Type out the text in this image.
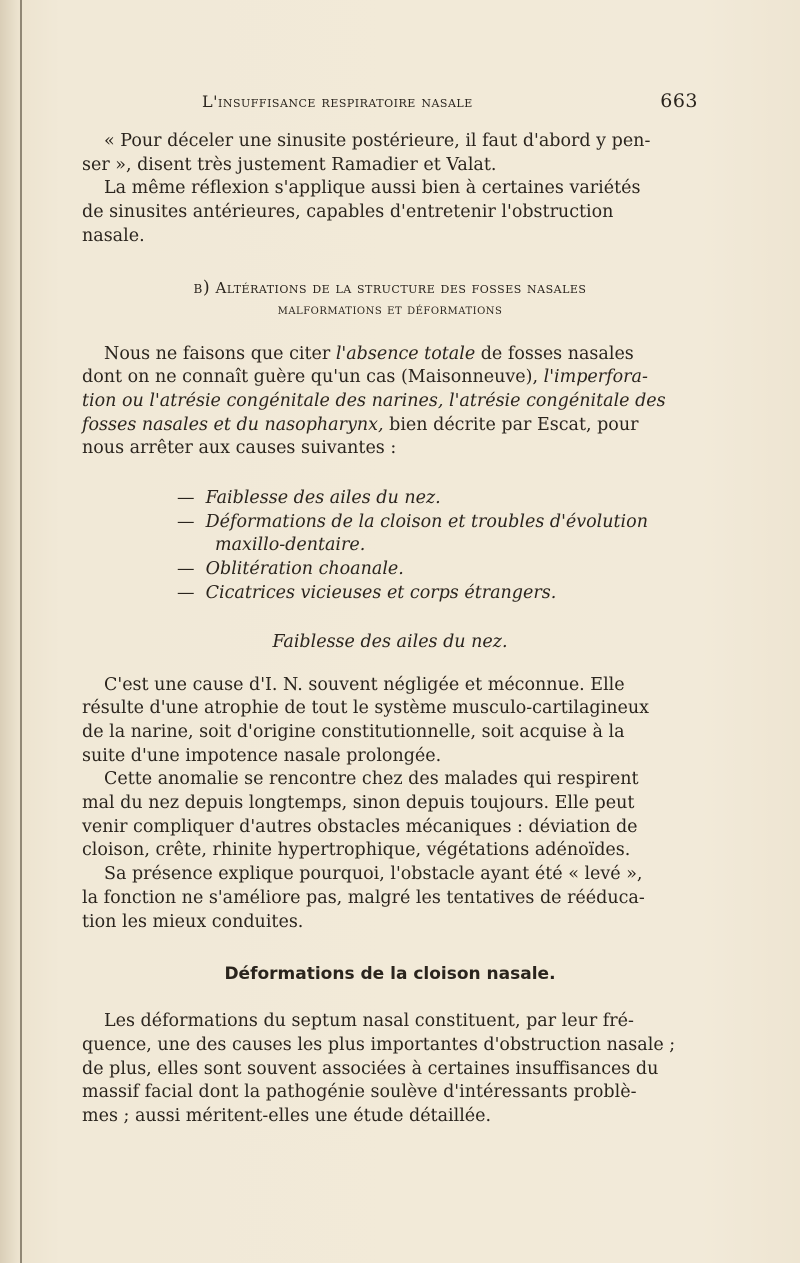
L'insuffisance respiratoire nasale	663

« Pour déceler une sinusite postérieure, il faut d'abord y pen-

ser », disent très justement Ramadier et Valat.

La même réflexion s'applique aussi bien à certaines variétés

de sinusites antérieures, capables d'entretenir l'obstruction

nasale.

b) Altérations de la structure des fosses nasales
malformations et déformations

Nous ne faisons que citer l'absence totale de fosses nasales

dont on ne connaît guère qu'un cas (Maisonneuve), l'imperfora-

tion ou l'atrésie congénitale des narines, l'atrésie congénitale des

fosses nasales et du nasopharynx, bien décrite par Escat, pour

nous arrêter aux causes suivantes :

— Faiblesse des ailes du nez.

— Déformations de la cloison et troubles d'évolution

maxillo-dentaire.

— Oblitération choanale.

— Cicatrices vicieuses et corps étrangers.

Faiblesse des ailes du nez.

C'est une cause d'I. N. souvent négligée et méconnue. Elle

résulte d'une atrophie de tout le système musculo-cartilagineux

de la narine, soit d'origine constitutionnelle, soit acquise à la

suite d'une impotence nasale prolongée.

Cette anomalie se rencontre chez des malades qui respirent

mal du nez depuis longtemps, sinon depuis toujours. Elle peut

venir compliquer d'autres obstacles mécaniques : déviation de

cloison, crête, rhinite hypertrophique, végétations adénoïdes.

Sa présence explique pourquoi, l'obstacle ayant été « levé »,

la fonction ne s'améliore pas, malgré les tentatives de rééduca-

tion les mieux conduites.

Déformations de la cloison nasale.

Les déformations du septum nasal constituent, par leur fré-

quence, une des causes les plus importantes d'obstruction nasale ;

de plus, elles sont souvent associées à certaines insuffisances du

massif facial dont la pathogénie soulève d'intéressants problè-

mes ; aussi méritent-elles une étude détaillée.
